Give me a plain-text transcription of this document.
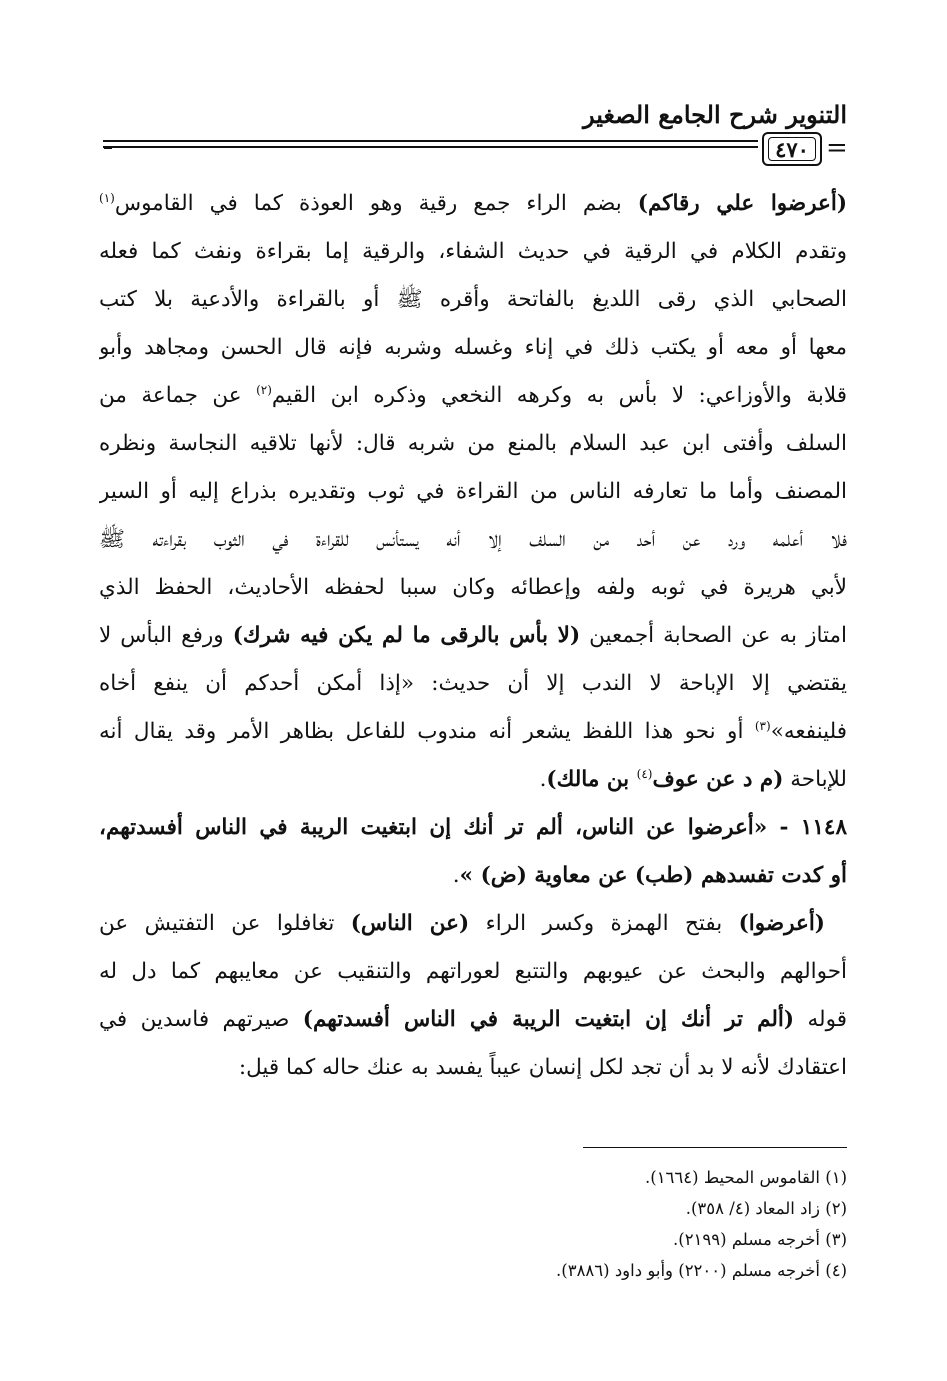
التنوير شرح الجامع الصغير
٤٧٠ =
(أعرضوا علي رقاكم) بضم الراء جمع رقية وهو العوذة كما في القاموس$^{(١)}$
وتقدم الكلام في الرقية في حديث الشفاء، والرقية إما بقراءة ونفث كما فعله
الصحابي الذي رقى اللديغ بالفاتحة وأقره ﷺ أو بالقراءة والأدعية بلا كتب
معها أو معه أو يكتب ذلك في إناء وغسله وشربه فإنه قال الحسن ومجاهد وأبو
قلابة والأوزاعي: لا بأس به وكرهه النخعي وذكره ابن القيم$^{(٢)}$ عن جماعة من
السلف وأفتى ابن عبد السلام بالمنع من شربه قال: لأنها تلاقيه النجاسة ونظره
المصنف وأما ما تعارفه الناس من القراءة في ثوب وتقديره بذراع إليه أو السير
فلا أعلمه ورد عن أحد من السلف إلا أنه يستأنس للقراءة في الثوب بقراءته ﷺ
لأبي هريرة في ثوبه ولفه وإعطائه وكان سببا لحفظه الأحاديث، الحفظ الذي
امتاز به عن الصحابة أجمعين (لا بأس بالرقى ما لم يكن فيه شرك) ورفع البأس لا
يقتضي إلا الإباحة لا الندب إلا أن حديث: «إذا أمكن أحدكم أن ينفع أخاه
فلينفعه»$^{(٣)}$ أو نحو هذا اللفظ يشعر أنه مندوب للفاعل بظاهر الأمر وقد يقال أنه
للإباحة (م د عن عوف$^{(٤)}$ بن مالك).
١١٤٨ - «أعرضوا عن الناس، ألم تر أنك إن ابتغيت الريبة في الناس أفسدتهم،
أو كدت تفسدهم (طب) عن معاوية (ض) ».
(أعرضوا) بفتح الهمزة وكسر الراء (عن الناس) تغافلوا عن التفتيش عن
أحوالهم والبحث عن عيوبهم والتتبع لعوراتهم والتنقيب عن معايبهم كما دل له
قوله (ألم تر أنك إن ابتغيت الريبة في الناس أفسدتهم) صيرتهم فاسدين في
اعتقادك لأنه لا بد أن تجد لكل إنسان عيباً يفسد به عنك حاله كما قيل:
(١) القاموس المحيط (١٦٦٤).
(٢) زاد المعاد (٤/ ٣٥٨).
(٣) أخرجه مسلم (٢١٩٩).
(٤) أخرجه مسلم (٢٢٠٠) وأبو داود (٣٨٨٦).
